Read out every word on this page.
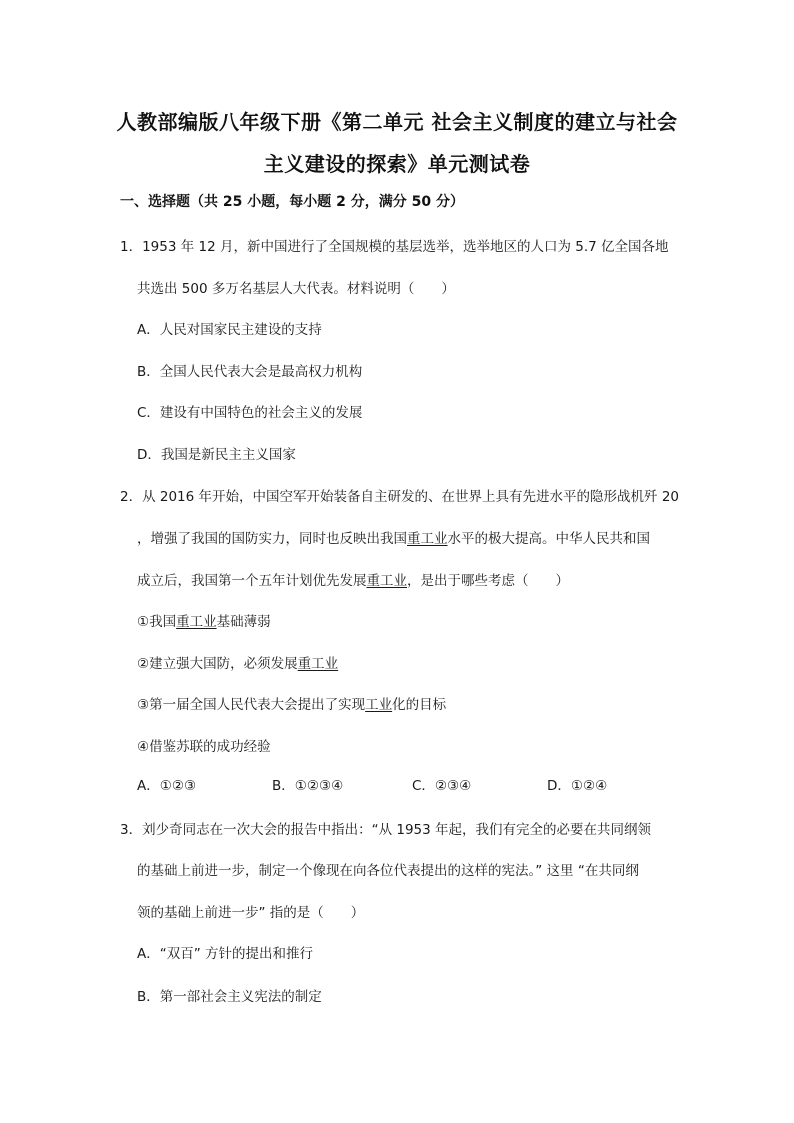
人教部编版八年级下册《第二单元 社会主义制度的建立与社会
主义建设的探索》单元测试卷
一、选择题（共 25 小题，每小题 2 分，满分 50 分）
1．1953 年 12 月，新中国进行了全国规模的基层选举，选举地区的人口为 5.7 亿全国各地
共选出 500 多万名基层人大代表。材料说明（　　）
A．人民对国家民主建设的支持
B．全国人民代表大会是最高权力机构
C．建设有中国特色的社会主义的发展
D．我国是新民主主义国家
2．从 2016 年开始，中国空军开始装备自主研发的、在世界上具有先进水平的隐形战机歼 20
，增强了我国的国防实力，同时也反映出我国重工业水平的极大提高。中华人民共和国
成立后，我国第一个五年计划优先发展重工业，是出于哪些考虑（　　）
①我国重工业基础薄弱
②建立强大国防，必须发展重工业
③第一届全国人民代表大会提出了实现工业化的目标
④借鉴苏联的成功经验
A．①②③	B．①②③④	C．②③④	D．①②④
3．刘少奇同志在一次大会的报告中指出：“从 1953 年起，我们有完全的必要在共同纲领
的基础上前进一步，制定一个像现在向各位代表提出的这样的宪法。” 这里 “在共同纲
领的基础上前进一步” 指的是（　　）
A．“双百” 方针的提出和推行
B．第一部社会主义宪法的制定
